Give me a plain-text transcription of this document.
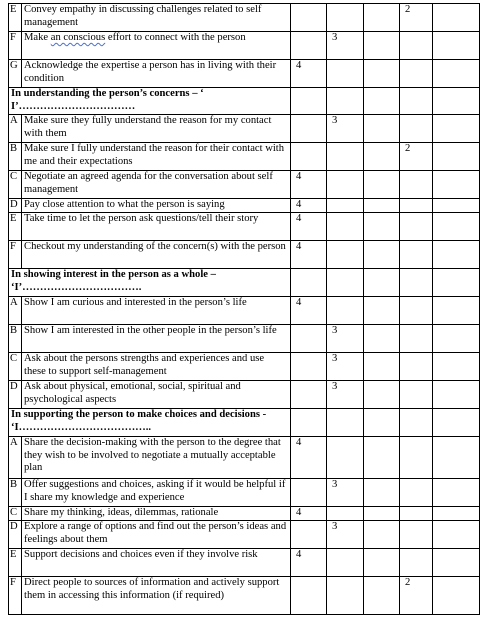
E	Convey empathy in discussing challenges related to self management				2	
F	Make an conscious effort to connect with the person		3			
G	Acknowledge the expertise a person has in living with their condition	4				
In understanding the person’s concerns – ‘ I’……………………………						
A	Make sure they fully understand the reason for my contact with them		3			
B	Make sure I fully understand the reason for their contact with me and their expectations				2	
C	Negotiate an agreed agenda for the conversation about self management	4				
D	Pay close attention to what the person is saying	4				
E	Take time to let the person ask questions/tell their story	4				
F	Checkout my understanding of the concern(s) with the person	4				
In showing interest in the person as a whole – ‘I’…………………………….						
A	Show I am curious and interested in the person’s life	4				
B	Show I am interested in the other people in the person’s life		3			
C	Ask about the persons strengths and experiences and use these to support self-management		3			
D	Ask about physical, emotional, social, spiritual and psychological aspects		3			
In supporting the person to make choices and decisions - ‘I………………………………..						
A	Share the decision-making with the person to the degree that they wish to be involved to negotiate a mutually acceptable plan	4				
B	Offer suggestions and choices, asking if it would be helpful if I share my knowledge and experience		3			
C	Share my thinking, ideas, dilemmas, rationale	4				
D	Explore a range of options and find out the person’s ideas and feelings about them		3			
E	Support decisions and choices even if they involve risk	4				
F	Direct people to sources of information and actively support them in accessing this information (if required)				2	
